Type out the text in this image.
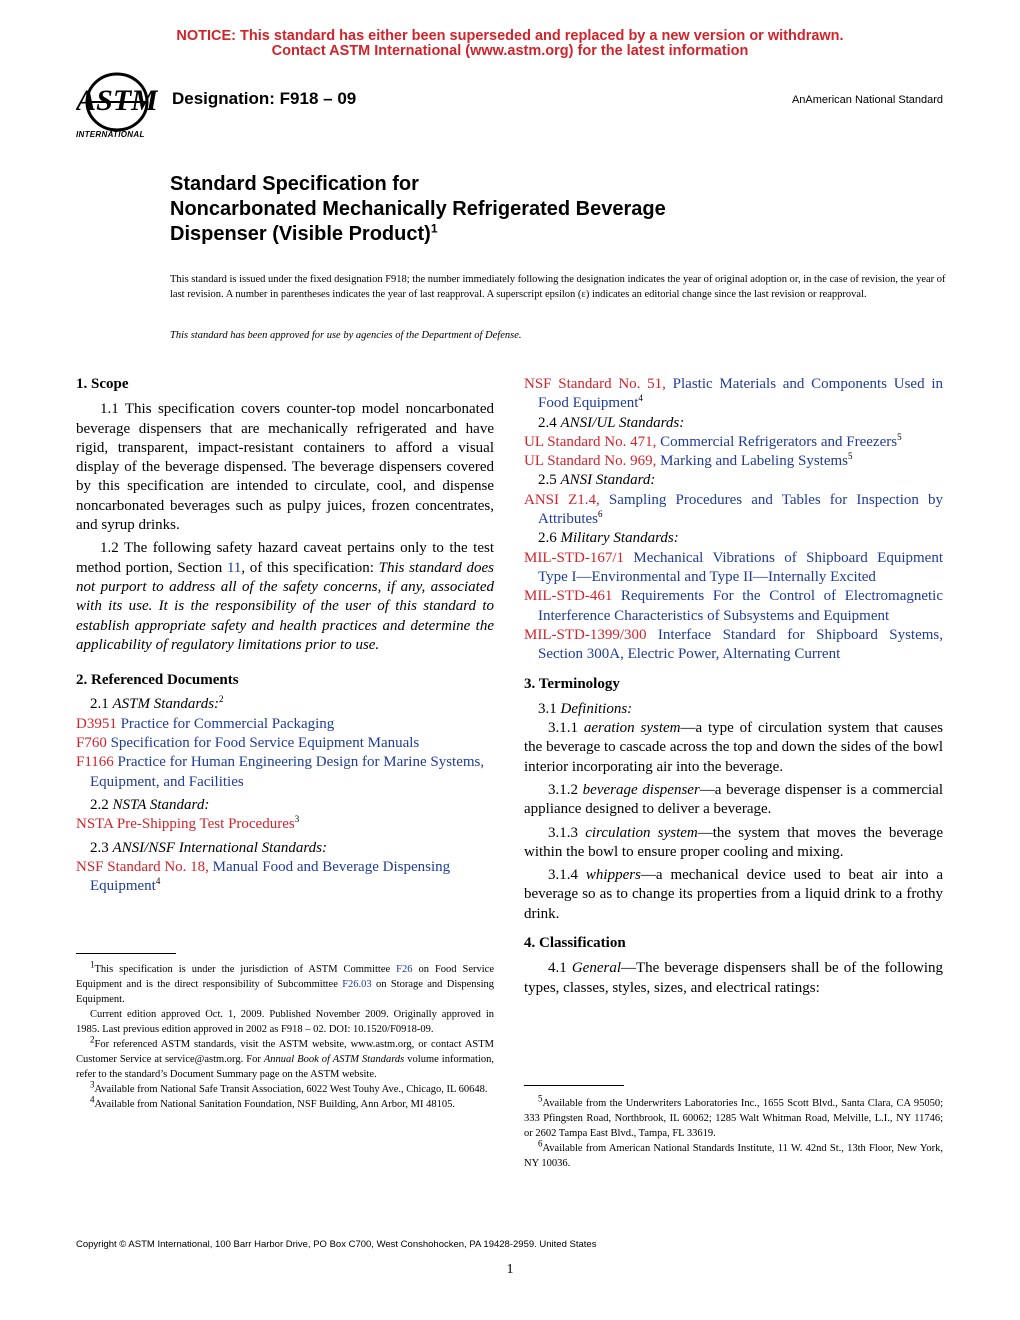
NOTICE: This standard has either been superseded and replaced by a new version or withdrawn.
Contact ASTM International (www.astm.org) for the latest information
ASTM
INTERNATIONAL
Designation: F918 – 09	AnAmerican National Standard
Standard Specification for
Noncarbonated Mechanically Refrigerated Beverage
Dispenser (Visible Product)$^1$
This standard is issued under the fixed designation F918; the number immediately following the designation indicates the year of original adoption or, in the case of revision, the year of last revision. A number in parentheses indicates the year of last reapproval. A superscript epsilon (ε) indicates an editorial change since the last revision or reapproval.
This standard has been approved for use by agencies of the Department of Defense.
1. Scope

1.1 This specification covers counter-top model noncarbonated beverage dispensers that are mechanically refrigerated and have rigid, transparent, impact-resistant containers to afford a visual display of the beverage dispensed. The beverage dispensers covered by this specification are intended to circulate, cool, and dispense noncarbonated beverages such as pulpy juices, frozen concentrates, and syrup drinks.

1.2 The following safety hazard caveat pertains only to the test method portion, Section 11, of this specification: This standard does not purport to address all of the safety concerns, if any, associated with its use. It is the responsibility of the user of this standard to establish appropriate safety and health practices and determine the applicability of regulatory limitations prior to use.

2. Referenced Documents
2.1 ASTM Standards:$^2$
D3951 Practice for Commercial Packaging
F760 Specification for Food Service Equipment Manuals
F1166 Practice for Human Engineering Design for Marine Systems, Equipment, and Facilities
2.2 NSTA Standard:
NSTA Pre-Shipping Test Procedures$^3$
2.3 ANSI/NSF International Standards:
NSF Standard No. 18, Manual Food and Beverage Dispensing Equipment$^4$

$^1$This specification is under the jurisdiction of ASTM Committee F26 on Food Service Equipment and is the direct responsibility of Subcommittee F26.03 on Storage and Dispensing Equipment.

Current edition approved Oct. 1, 2009. Published November 2009. Originally approved in 1985. Last previous edition approved in 2002 as F918 – 02. DOI: 10.1520/F0918-09.

$^2$For referenced ASTM standards, visit the ASTM website, www.astm.org, or contact ASTM Customer Service at service@astm.org. For Annual Book of ASTM Standards volume information, refer to the standard’s Document Summary page on the ASTM website.

$^3$Available from National Safe Transit Association, 6022 West Touhy Ave., Chicago, IL 60648.

$^4$Available from National Sanitation Foundation, NSF Building, Ann Arbor, MI 48105.

NSF Standard No. 51, Plastic Materials and Components Used in Food Equipment$^4$
2.4 ANSI/UL Standards:
UL Standard No. 471, Commercial Refrigerators and Freezers$^5$
UL Standard No. 969, Marking and Labeling Systems$^5$
2.5 ANSI Standard:
ANSI Z1.4, Sampling Procedures and Tables for Inspection by Attributes$^6$
2.6 Military Standards:
MIL-STD-167/1 Mechanical Vibrations of Shipboard Equipment Type I—Environmental and Type II—Internally Excited
MIL-STD-461 Requirements For the Control of Electromagnetic Interference Characteristics of Subsystems and Equipment
MIL-STD-1399/300 Interface Standard for Shipboard Systems, Section 300A, Electric Power, Alternating Current
3. Terminology
3.1 Definitions:

3.1.1 aeration system—a type of circulation system that causes the beverage to cascade across the top and down the sides of the bowl interior incorporating air into the beverage.

3.1.2 beverage dispenser—a beverage dispenser is a commercial appliance designed to deliver a beverage.

3.1.3 circulation system—the system that moves the beverage within the bowl to ensure proper cooling and mixing.

3.1.4 whippers—a mechanical device used to beat air into a beverage so as to change its properties from a liquid drink to a frothy drink.

4. Classification

4.1 General—The beverage dispensers shall be of the following types, classes, styles, sizes, and electrical ratings:

$^5$Available from the Underwriters Laboratories Inc., 1655 Scott Blvd., Santa Clara, CA 95050; 333 Pfingsten Road, Northbrook, IL 60062; 1285 Walt Whitman Road, Melville, L.I., NY 11746; or 2602 Tampa East Blvd., Tampa, FL 33619.

$^6$Available from American National Standards Institute, 11 W. 42nd St., 13th Floor, New York, NY 10036.

Copyright © ASTM International, 100 Barr Harbor Drive, PO Box C700, West Conshohocken, PA 19428-2959. United States
1
